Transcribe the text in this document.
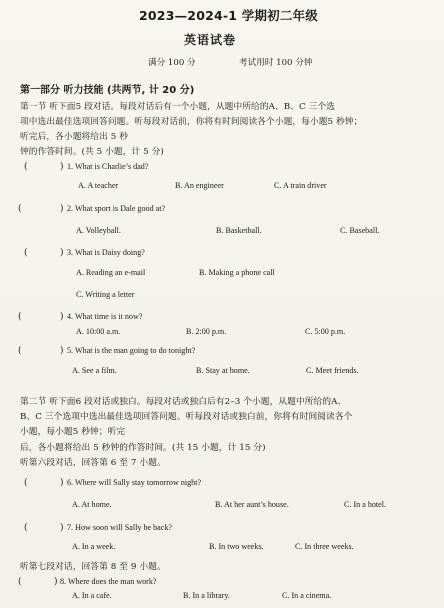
2023—2024-1 学期初二年级
英语试卷
满分 100 分	考试用时 100 分钟
第一部分 听力技能 (共两节, 计 20 分)
第一节 听下面5 段对话。每段对话后有一个小题，从题中所给的A、B、C 三个选
项中选出最佳选项回答问题。听每段对话前，你将有时间阅读各个小题，每小题5 秒钟；
听完后，各小题将给出 5 秒
钟的作答时间。(共 5 小题，计 5 分)
(	) 1. What is Charlie’s dad?
A. A teacher	B. An engineer	C. A train driver
(	) 2. What sport is Dale good at?
A. Volleyball.	B. Basketball.	C. Baseball.
(	) 3. What is Daisy doing?
A. Reading an e-mail	B. Making a phone call
C. Writing a letter
(	) 4. What time is it now?
A. 10:00 a.m.	B. 2:00 p.m.	C. 5:00 p.m.
(	) 5. What is the man going to do tonight?
A. See a film.	B. Stay at home.	C. Meet friends.
第二节 听下面6 段对话或独白。每段对话或独白后有2–3 个小题，从题中所给的A、
B、C 三个选项中选出最佳选项回答问题。听每段对话或独白前，你将有时间阅读各个
小题，每小题5 秒钟；听完
后，各小题将给出 5 秒钟的作答时间。(共 15 小题，计 15 分)
听第六段对话，回答第 6 至 7 小题。
(	) 6. Where will Sally stay tomorrow night?
A. At home.	B. At her aunt’s house.	C. In a hotel.
(	) 7. How soon will Sally be back?
A. In a week.	B. In two weeks.	C. In three weeks.
听第七段对话，回答第 8 至 9 小题。
(	) 8. Where does the man work?
A. In a cafe.	B. In a library.	C. In a cinema.
